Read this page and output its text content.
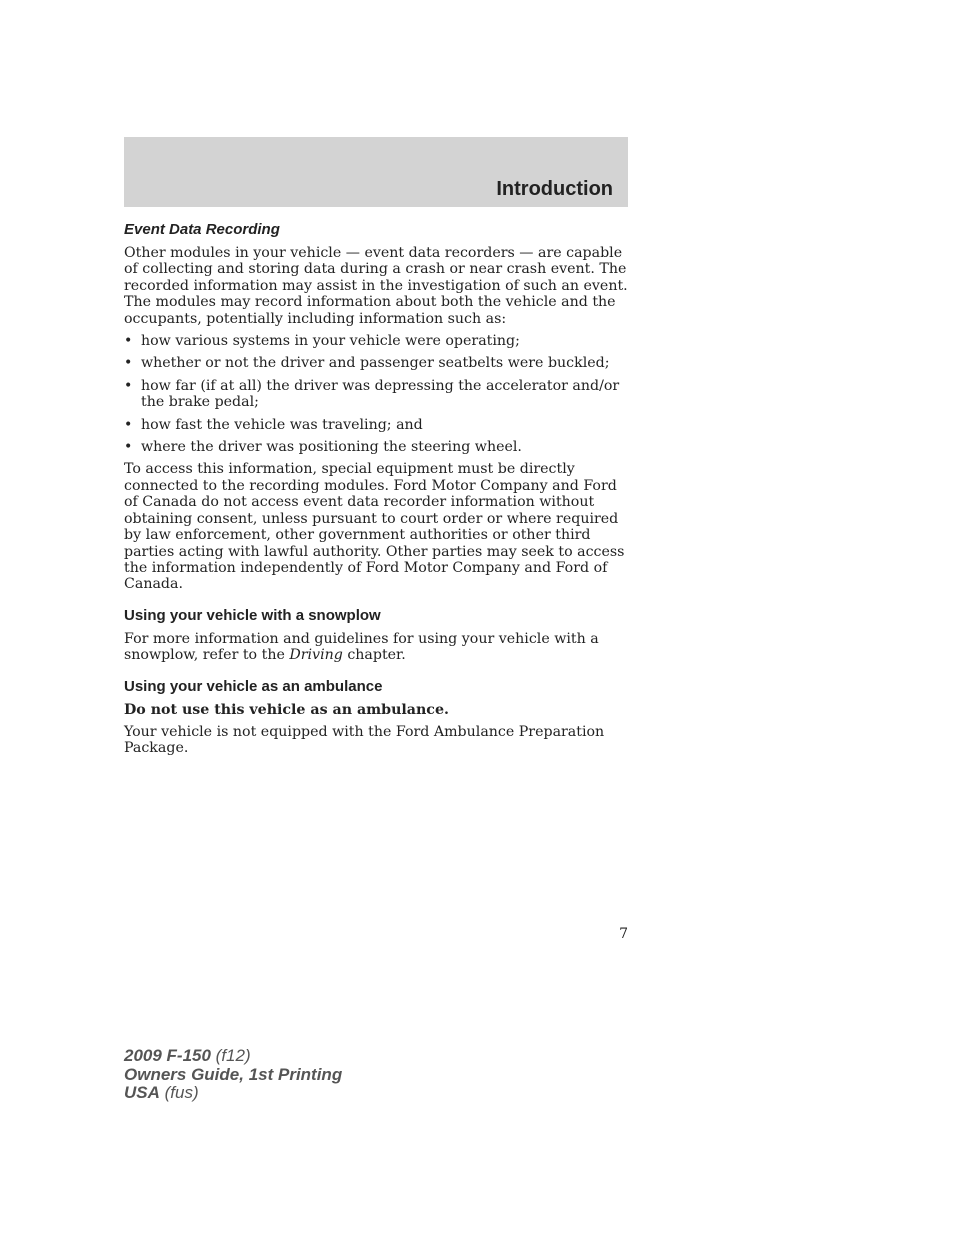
Introduction
Event Data Recording

Other modules in your vehicle — event data recorders — are capable of collecting and storing data during a crash or near crash event. The recorded information may assist in the investigation of such an event. The modules may record information about both the vehicle and the occupants, potentially including information such as:

• how various systems in your vehicle were operating;
• whether or not the driver and passenger seatbelts were buckled;
• how far (if at all) the driver was depressing the accelerator and/or the brake pedal;
• how fast the vehicle was traveling; and
• where the driver was positioning the steering wheel.

To access this information, special equipment must be directly connected to the recording modules. Ford Motor Company and Ford of Canada do not access event data recorder information without obtaining consent, unless pursuant to court order or where required by law enforcement, other government authorities or other third parties acting with lawful authority. Other parties may seek to access the information independently of Ford Motor Company and Ford of Canada.

Using your vehicle with a snowplow

For more information and guidelines for using your vehicle with a snowplow, refer to the Driving chapter.

Using your vehicle as an ambulance

Do not use this vehicle as an ambulance.

Your vehicle is not equipped with the Ford Ambulance Preparation Package.

7
2009 F-150 (f12)
Owners Guide, 1st Printing
USA (fus)
